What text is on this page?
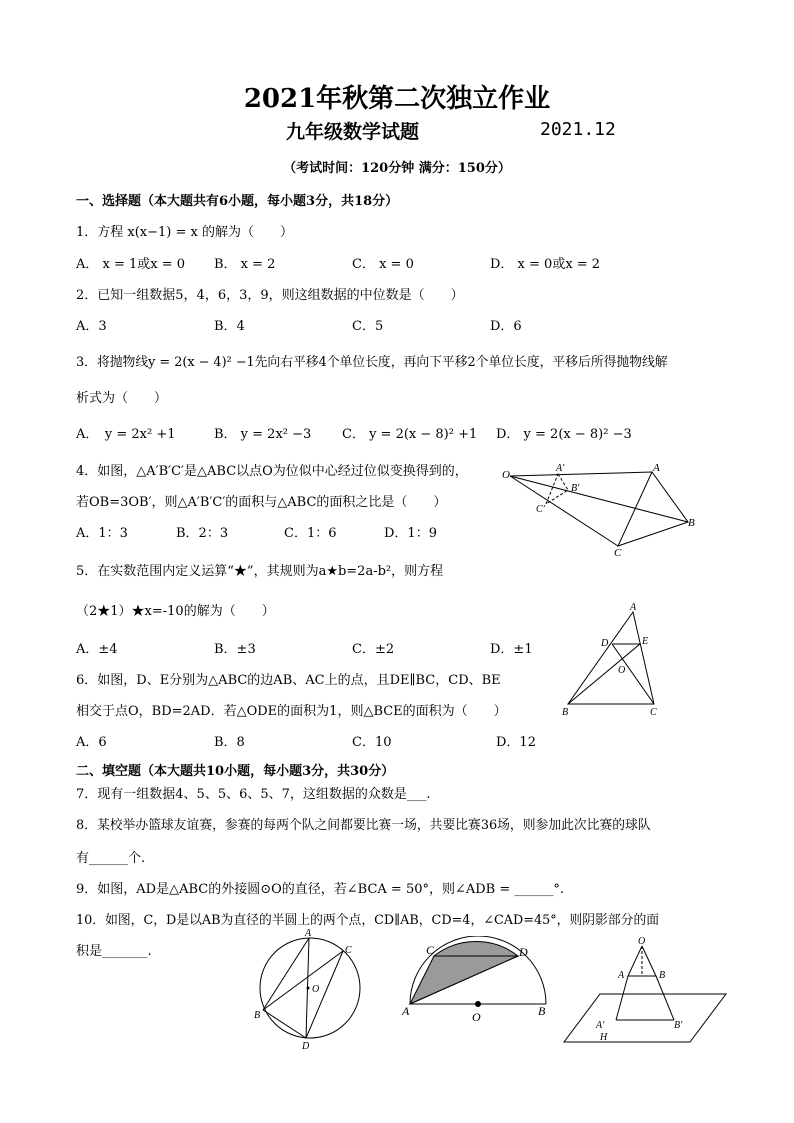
2021年秋第二次独立作业
九年级数学试题	2021.12
（考试时间：120分钟 满分：150分）
一、选择题（本大题共有6小题，每小题3分，共18分）
1．方程 x(x−1) = x 的解为（　　）
A． x = 1或x = 0 B． x = 2	C． x = 0	D． x = 0或x = 2
2．已知一组数据5，4，6，3，9，则这组数据的中位数是（　　）
A．3	B．4	C．5	D．6
3．将抛物线y = 2(x − 4)² −1先向右平移4个单位长度，再向下平移2个单位长度，平移后所得抛物线解
析式为（　　）
A．　y = 2x² +1	B． y = 2x² −3 C． y = 2(x − 8)² +1 D． y = 2(x − 8)² −3
4．如图，△A′B′C′是△ABC以点O为位似中心经过位似变换得到的，
若OB=3OB′，则△A′B′C′的面积与△ABC的面积之比是（　　）
A．1：3	B．2：3	C．1：6	D．1：9
O
A'
B'
C'
A
B
C
5．在实数范围内定义运算“★”，其规则为a★b=2a-b²，则方程
（2★1）★x=-10的解为（　　）
A．±4	B．±3	C．±2	D．±1
6．如图，D、E分别为△ABC的边AB、AC上的点，且DE∥BC，CD、BE
相交于点O，BD=2AD．若△ODE的面积为1，则△BCE的面积为（　　）
A．6	B．8	C．10	D．12
A
D	E
O
B	C
二、填空题（本大题共10小题，每小题3分，共30分）
7．现有一组数据4、5、5、6、5、7，这组数据的众数是___.
8．某校举办篮球友谊赛，参赛的每两个队之间都要比赛一场，共要比赛36场，则参加此次比赛的球队
有______个.
9．如图，AD是△ABC的外接圆⊙O的直径，若∠BCA = 50°，则∠ADB = ______°.
10．如图，C，D是以AB为直径的半圆上的两个点，CD∥AB，CD=4，∠CAD=45°，则阴影部分的面
积是_______.
A
C
O
B
D
C	D
A	O	B
O
A	B
A'	B'
H
